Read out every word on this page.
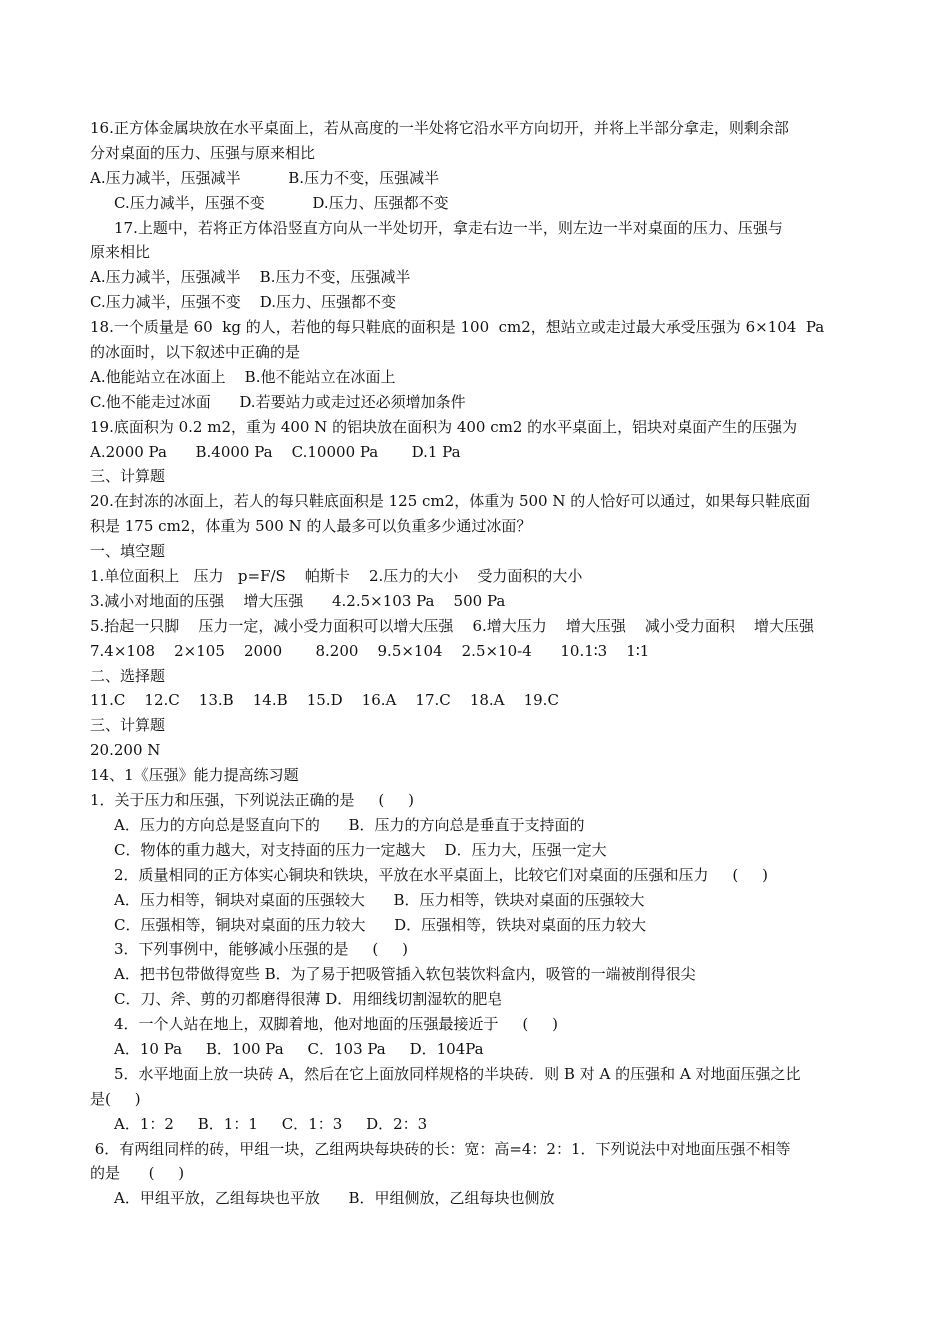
16.正方体金属块放在水平桌面上，若从高度的一半处将它沿水平方向切开，并将上半部分拿走，则剩余部
分对桌面的压力、压强与原来相比
A.压力减半，压强减半          B.压力不变，压强减半
C.压力减半，压强不变          D.压力、压强都不变
17.上题中，若将正方体沿竖直方向从一半处切开，拿走右边一半，则左边一半对桌面的压力、压强与
原来相比
A.压力减半，压强减半    B.压力不变，压强减半
C.压力减半，压强不变    D.压力、压强都不变
18.一个质量是 60  kg 的人，若他的每只鞋底的面积是 100  cm2，想站立或走过最大承受压强为 6×104  Pa
的冰面时，以下叙述中正确的是
A.他能站立在冰面上    B.他不能站立在冰面上
C.他不能走过冰面      D.若要站力或走过还必须增加条件
19.底面积为 0.2 m2，重为 400 N 的铝块放在面积为 400 cm2 的水平桌面上，铝块对桌面产生的压强为
A.2000 Pa      B.4000 Pa    C.10000 Pa       D.1 Pa
三、计算题
20.在封冻的冰面上，若人的每只鞋底面积是 125 cm2，体重为 500 N 的人恰好可以通过，如果每只鞋底面
积是 175 cm2，体重为 500 N 的人最多可以负重多少通过冰面？
一、填空题
1.单位面积上   压力   p=F/S    帕斯卡    2.压力的大小    受力面积的大小
3.减小对地面的压强    增大压强      4.2.5×103 Pa    500 Pa
5.抬起一只脚    压力一定，减小受力面积可以增大压强    6.增大压力    增大压强    减小受力面积    增大压强
7.4×108    2×105    2000       8.200    9.5×104    2.5×10-4      10.1∶3    1∶1
二、选择题
11.C    12.C    13.B    14.B    15.D    16.A    17.C    18.A    19.C
三、计算题
20.200 N
14、1《压强》能力提高练习题
1．关于压力和压强，下列说法正确的是     (     )
A．压力的方向总是竖直向下的      B．压力的方向总是垂直于支持面的
C．物体的重力越大，对支持面的压力一定越大    D．压力大，压强一定大
2．质量相同的正方体实心铜块和铁块，平放在水平桌面上，比较它们对桌面的压强和压力     (     )
A．压力相等，铜块对桌面的压强较大      B．压力相等，铁块对桌面的压强较大
C．压强相等，铜块对桌面的压力较大      D．压强相等，铁块对桌面的压力较大
3．下列事例中，能够减小压强的是     (     )
A．把书包带做得宽些 B．为了易于把吸管插入软包装饮料盒内，吸管的一端被削得很尖
C．刀、斧、剪的刃都磨得很薄 D．用细线切割湿软的肥皂
4．一个人站在地上，双脚着地，他对地面的压强最接近于     (     )
A．10 Pa     B．100 Pa     C．103 Pa     D．104Pa
5．水平地面上放一块砖 A，然后在它上面放同样规格的半块砖．则 B 对 A 的压强和 A 对地面压强之比
是(     )
A．1：2     B．1：1     C．1：3     D．2：3
6．有两组同样的砖，甲组一块，乙组两块每块砖的长：宽：高=4：2：1．下列说法中对地面压强不相等
的是      (     )
A．甲组平放，乙组每块也平放      B．甲组侧放，乙组每块也侧放
